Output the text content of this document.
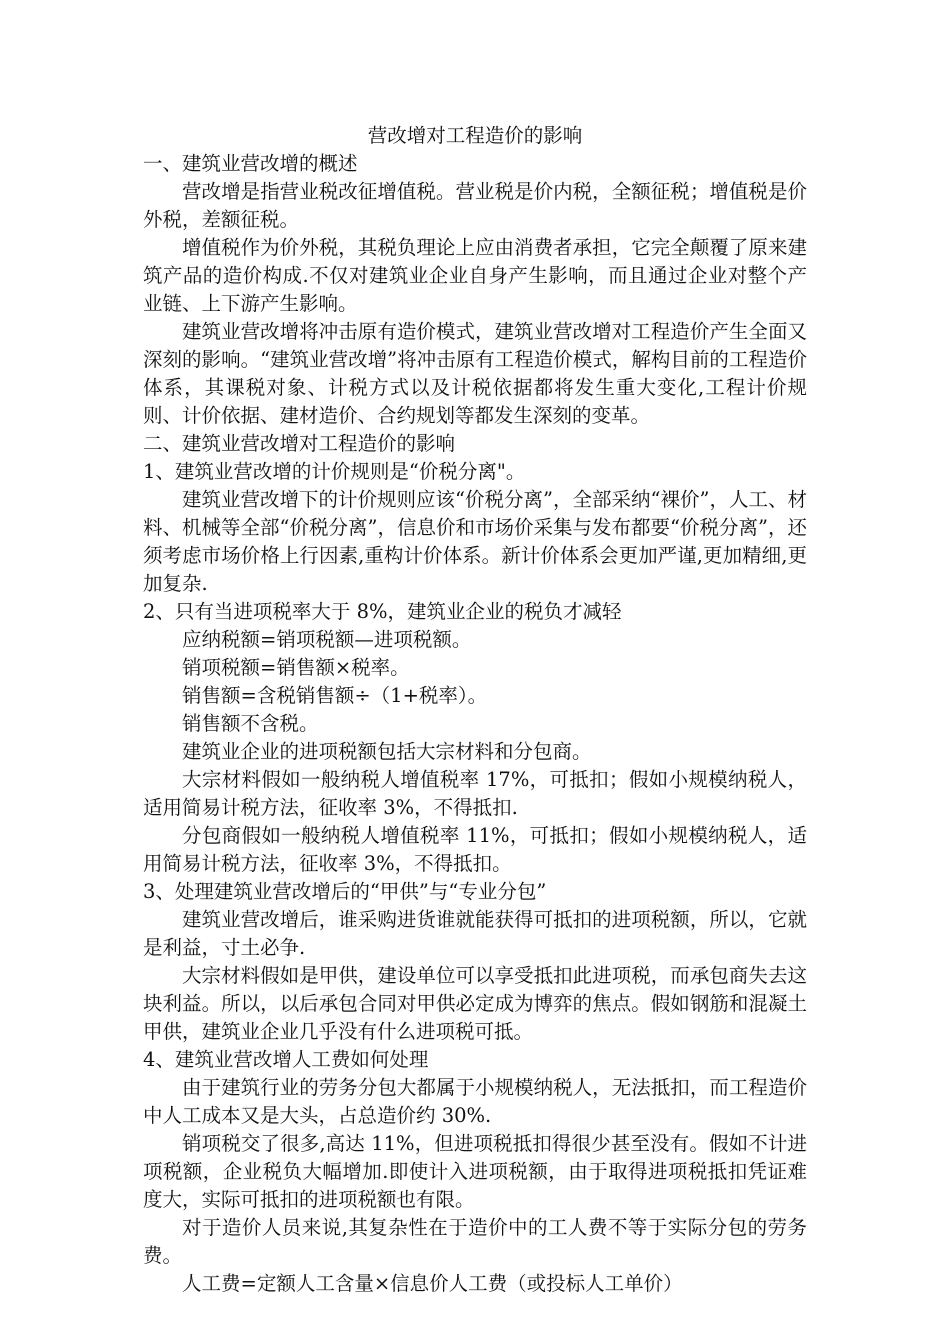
营改增对工程造价的影响

一、建筑业营改增的概述

营改增是指营业税改征增值税。营业税是价内税，全额征税；增值税是价外税，差额征税。

增值税作为价外税，其税负理论上应由消费者承担，它完全颠覆了原来建筑产品的造价构成.不仅对建筑业企业自身产生影响，而且通过企业对整个产业链、上下游产生影响。

建筑业营改增将冲击原有造价模式，建筑业营改增对工程造价产生全面又深刻的影响。“建筑业营改增”将冲击原有工程造价模式，解构目前的工程造价体系，其课税对象、计税方式以及计税依据都将发生重大变化,工程计价规则、计价依据、建材造价、合约规划等都发生深刻的变革。

二、建筑业营改增对工程造价的影响

1、建筑业营改增的计价规则是“价税分离"。

建筑业营改增下的计价规则应该“价税分离”，全部采纳“裸价”，人工、材料、机械等全部“价税分离”，信息价和市场价采集与发布都要“价税分离”，还须考虑市场价格上行因素,重构计价体系。新计价体系会更加严谨,更加精细,更加复杂.

2、只有当进项税率大于 8%，建筑业企业的税负才减轻

应纳税额=销项税额—进项税额。

销项税额=销售额×税率。

销售额=含税销售额÷（1+税率）。

销售额不含税。

建筑业企业的进项税额包括大宗材料和分包商。

大宗材料假如一般纳税人增值税率 17%，可抵扣；假如小规模纳税人，适用简易计税方法，征收率 3%，不得抵扣.

分包商假如一般纳税人增值税率 11%，可抵扣；假如小规模纳税人，适用简易计税方法，征收率 3%，不得抵扣。

3、处理建筑业营改增后的“甲供”与“专业分包”

建筑业营改增后，谁采购进货谁就能获得可抵扣的进项税额，所以，它就是利益，寸土必争.

大宗材料假如是甲供，建设单位可以享受抵扣此进项税，而承包商失去这块利益。所以，以后承包合同对甲供必定成为博弈的焦点。假如钢筋和混凝土甲供，建筑业企业几乎没有什么进项税可抵。

4、建筑业营改增人工费如何处理

由于建筑行业的劳务分包大都属于小规模纳税人，无法抵扣，而工程造价中人工成本又是大头，占总造价约 30%.

销项税交了很多,高达 11%，但进项税抵扣得很少甚至没有。假如不计进项税额，企业税负大幅增加.即使计入进项税额，由于取得进项税抵扣凭证难度大，实际可抵扣的进项税额也有限。

对于造价人员来说,其复杂性在于造价中的工人费不等于实际分包的劳务费。

人工费=定额人工含量×信息价人工费（或投标人工单价）
